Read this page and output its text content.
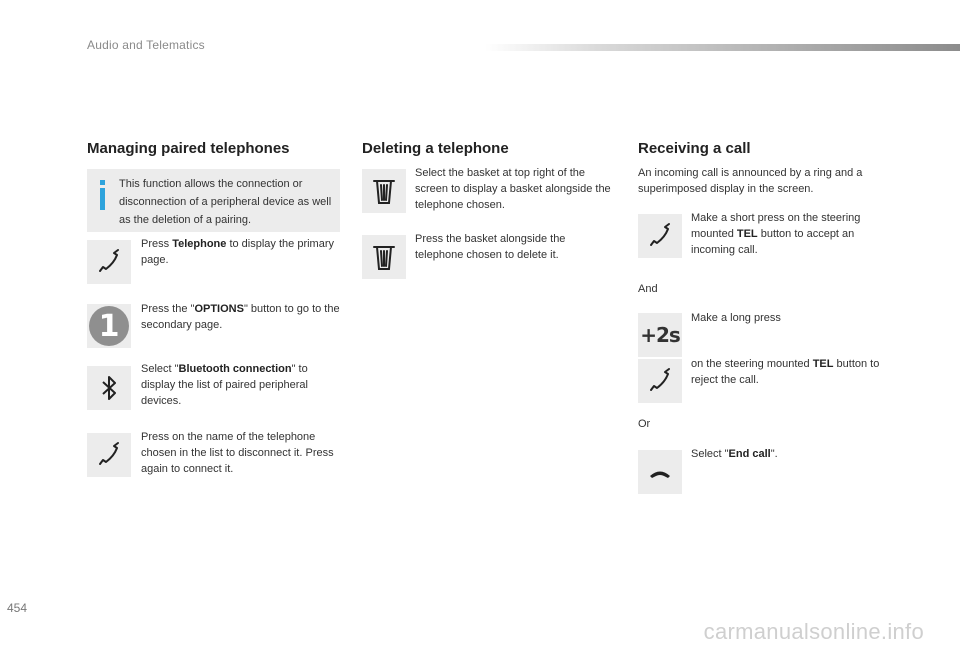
Audio and Telematics
Managing paired telephones
This function allows the connection or disconnection of a peripheral device as well as the deletion of a pairing.
Press Telephone to display the primary page.
1	Press the "OPTIONS" button to go to the secondary page.
Select "Bluetooth connection" to display the list of paired peripheral devices.
Press on the name of the telephone chosen in the list to disconnect it. Press again to connect it.
Deleting a telephone
Select the basket at top right of the screen to display a basket alongside the telephone chosen.
Press the basket alongside the telephone chosen to delete it.
Receiving a call
An incoming call is announced by a ring and a superimposed display in the screen.
Make a short press on the steering mounted TEL button to accept an incoming call.
And
+2s
Make a long press
on the steering mounted TEL button to reject the call.
Or
Select "End call".
454
carmanualsonline.info
